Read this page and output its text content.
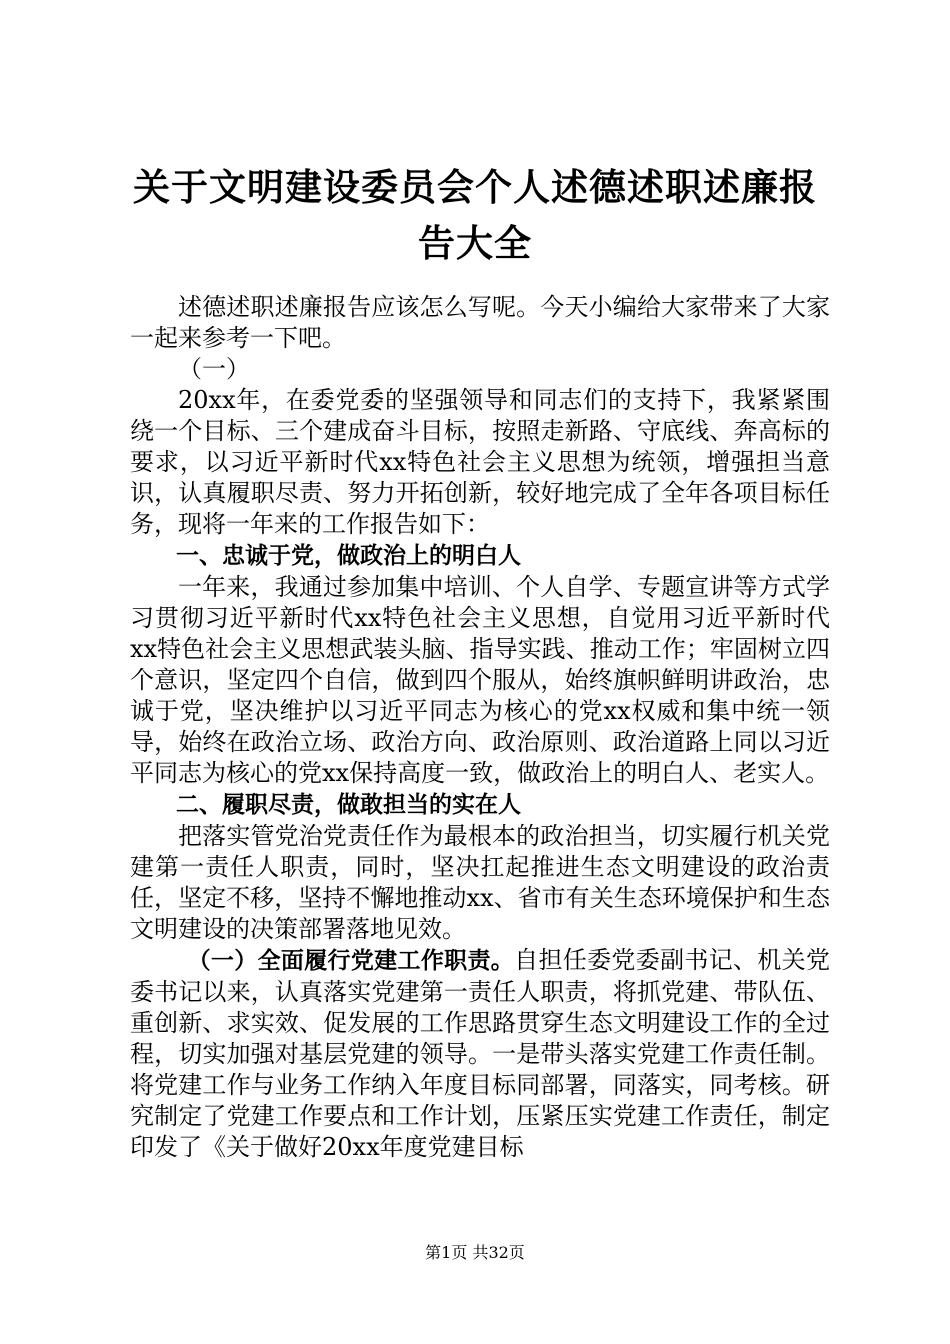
关于文明建设委员会个人述德述职述廉报告大全

述德述职述廉报告应该怎么写呢。今天小编给大家带来了大家一起来参考一下吧。

（一）

20xx年，在委党委的坚强领导和同志们的支持下，我紧紧围绕一个目标、三个建成奋斗目标，按照走新路、守底线、奔高标的要求，以习近平新时代xx特色社会主义思想为统领，增强担当意识，认真履职尽责、努力开拓创新，较好地完成了全年各项目标任务，现将一年来的工作报告如下：

一、忠诚于党，做政治上的明白人

一年来，我通过参加集中培训、个人自学、专题宣讲等方式学习贯彻习近平新时代xx特色社会主义思想，自觉用习近平新时代xx特色社会主义思想武装头脑、指导实践、推动工作；牢固树立四个意识，坚定四个自信，做到四个服从，始终旗帜鲜明讲政治，忠诚于党，坚决维护以习近平同志为核心的党xx权威和集中统一领导，始终在政治立场、政治方向、政治原则、政治道路上同以习近平同志为核心的党xx保持高度一致，做政治上的明白人、老实人。

二、履职尽责，做敢担当的实在人

把落实管党治党责任作为最根本的政治担当，切实履行机关党建第一责任人职责，同时，坚决扛起推进生态文明建设的政治责任，坚定不移，坚持不懈地推动xx、省市有关生态环境保护和生态文明建设的决策部署落地见效。

（一）全面履行党建工作职责。自担任委党委副书记、机关党委书记以来，认真落实党建第一责任人职责，将抓党建、带队伍、重创新、求实效、促发展的工作思路贯穿生态文明建设工作的全过程，切实加强对基层党建的领导。一是带头落实党建工作责任制。将党建工作与业务工作纳入年度目标同部署，同落实，同考核。研究制定了党建工作要点和工作计划，压紧压实党建工作责任，制定印发了《关于做好20xx年度党建目标

第1页 共32页
